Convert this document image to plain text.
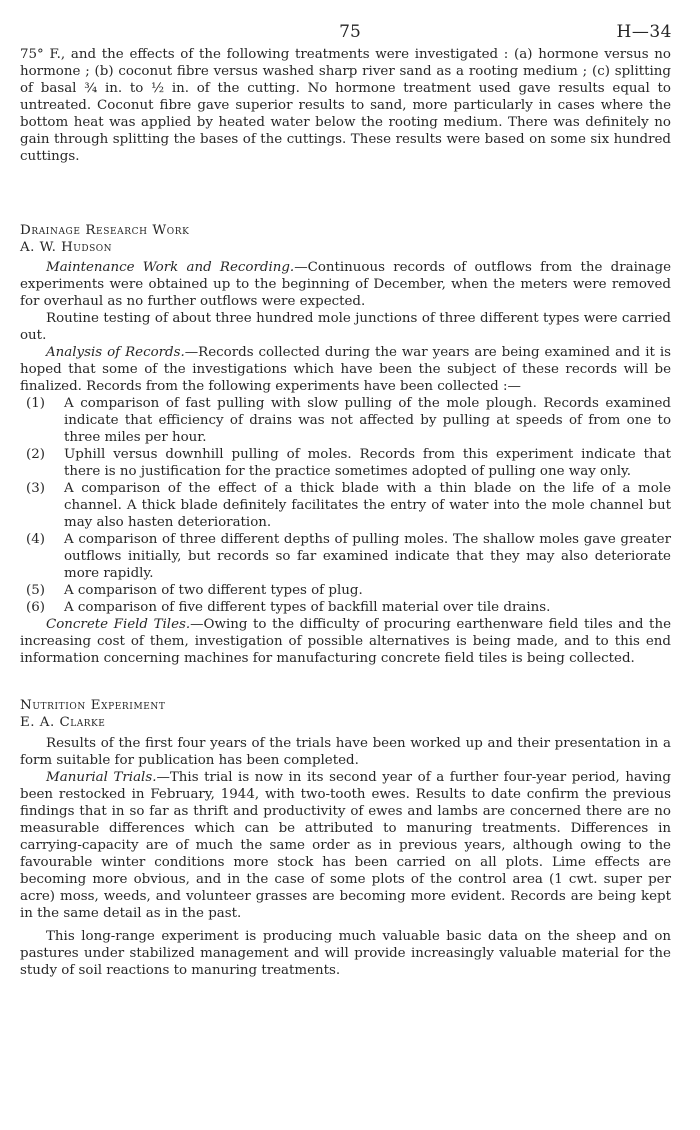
75	H—34

75° F., and the effects of the following treatments were investigated : (a) hormone versus no hormone ; (b) coconut fibre versus washed sharp river sand as a rooting medium ; (c) splitting of basal ¾ in. to ½ in. of the cutting. No hormone treatment used gave results equal to untreated. Coconut fibre gave superior results to sand, more particularly in cases where the bottom heat was applied by heated water below the rooting medium. There was definitely no gain through splitting the bases of the cuttings. These results were based on some six hundred cuttings.

Drainage Research Work

A. W. Hudson

Maintenance Work and Recording.—Continuous records of outflows from the drainage experiments were obtained up to the beginning of December, when the meters were removed for overhaul as no further outflows were expected.

Routine testing of about three hundred mole junctions of three different types were carried out.

Analysis of Records.—Records collected during the war years are being examined and it is hoped that some of the investigations which have been the subject of these records will be finalized. Records from the following experiments have been collected :—

(1) A comparison of fast pulling with slow pulling of the mole plough. Records examined indicate that efficiency of drains was not affected by pulling at speeds of from one to three miles per hour.
(2) Uphill versus downhill pulling of moles. Records from this experiment indicate that there is no justification for the practice sometimes adopted of pulling one way only.
(3) A comparison of the effect of a thick blade with a thin blade on the life of a mole channel. A thick blade definitely facilitates the entry of water into the mole channel but may also hasten deterioration.
(4) A comparison of three different depths of pulling moles. The shallow moles gave greater outflows initially, but records so far examined indicate that they may also deteriorate more rapidly.
(5) A comparison of two different types of plug.
(6) A comparison of five different types of backfill material over tile drains.

Concrete Field Tiles.—Owing to the difficulty of procuring earthenware field tiles and the increasing cost of them, investigation of possible alternatives is being made, and to this end information concerning machines for manufacturing concrete field tiles is being collected.

Nutrition Experiment

E. A. Clarke

Results of the first four years of the trials have been worked up and their presentation in a form suitable for publication has been completed.

Manurial Trials.—This trial is now in its second year of a further four-year period, having been restocked in February, 1944, with two-tooth ewes. Results to date confirm the previous findings that in so far as thrift and productivity of ewes and lambs are concerned there are no measurable differences which can be attributed to manuring treatments. Differences in carrying-capacity are of much the same order as in previous years, although owing to the favourable winter conditions more stock has been carried on all plots. Lime effects are becoming more obvious, and in the case of some plots of the control area (1 cwt. super per acre) moss, weeds, and volunteer grasses are becoming more evident. Records are being kept in the same detail as in the past.

This long-range experiment is producing much valuable basic data on the sheep and on pastures under stabilized management and will provide increasingly valuable material for the study of soil reactions to manuring treatments.
